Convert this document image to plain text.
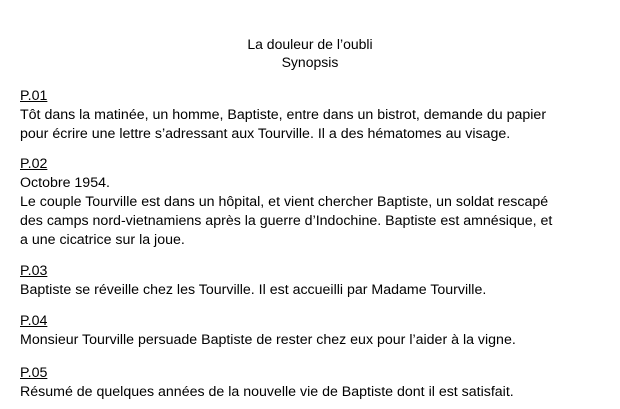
La douleur de l’oubli
Synopsis
P.01
Tôt dans la matinée, un homme, Baptiste, entre dans un bistrot, demande du papier
pour écrire une lettre s’adressant aux Tourville. Il a des hématomes au visage.
P.02
Octobre 1954.
Le couple Tourville est dans un hôpital, et vient chercher Baptiste, un soldat rescapé
des camps nord-vietnamiens après la guerre d’Indochine. Baptiste est amnésique, et
a une cicatrice sur la joue.
P.03
Baptiste se réveille chez les Tourville. Il est accueilli par Madame Tourville.
P.04
Monsieur Tourville persuade Baptiste de rester chez eux pour l’aider à la vigne.
P.05
Résumé de quelques années de la nouvelle vie de Baptiste dont il est satisfait.
